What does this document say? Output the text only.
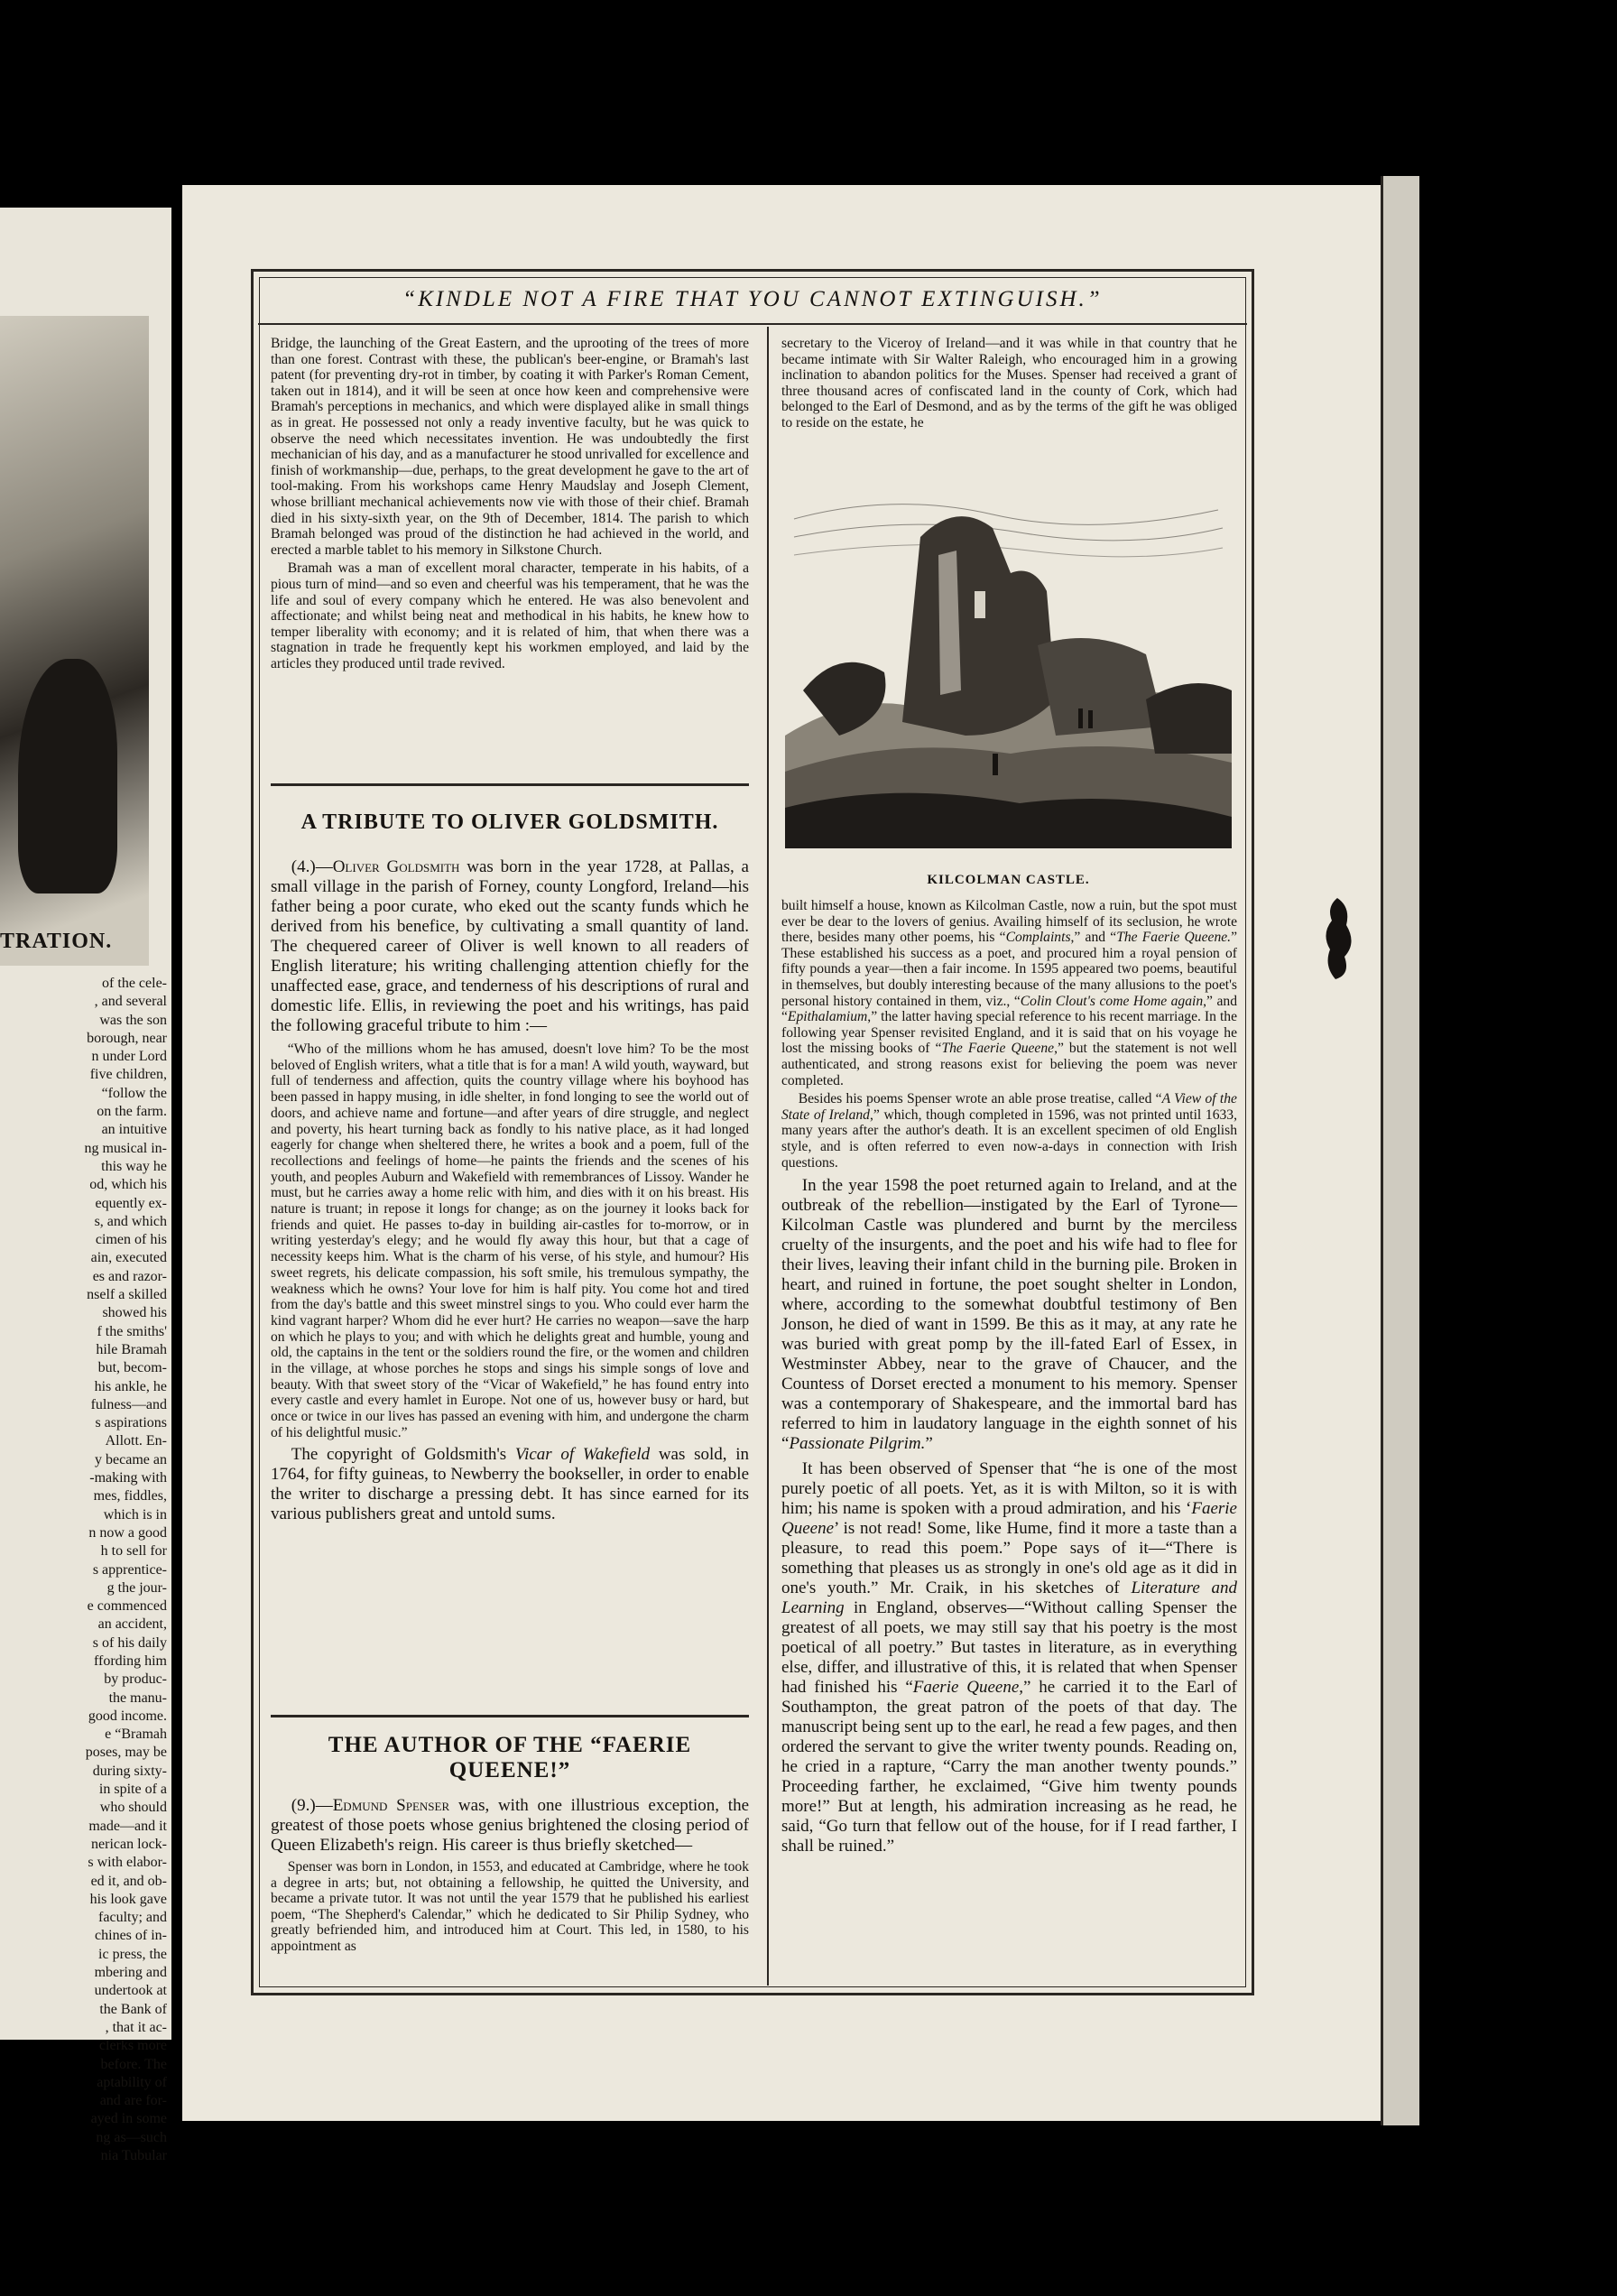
TRATION.
of the cele-
, and several
was the son
borough, near
n under Lord
five children,
“follow the
on the farm.
an intuitive
ng musical in-
this way he
od, which his
equently ex-
s, and which
cimen of his
ain, executed
es and razor-
nself a skilled
showed his
f the smiths'
hile Bramah
but, becom-
his ankle, he
fulness—and
s aspirations
Allott. En-
y became an
-making with
mes, fiddles,
which is in
n now a good
h to sell for
s apprentice-
g the jour-
e commenced
an accident,
s of his daily
ffording him
by produc-
the manu-
good income.
e “Bramah
poses, may be
during sixty-
in spite of a
who should
made—and it
nerican lock-
s with elabor-
ed it, and ob-
his look gave
faculty; and
chines of in-
ic press, the
mbering and
undertook at
the Bank of
, that it ac-
clerks more
before. The
aptability of
and are for-
ayed in some
ng as—such
nia Tubular
“KINDLE NOT A FIRE THAT YOU CANNOT EXTINGUISH.”

Bridge, the launching of the Great Eastern, and the uprooting of the trees of more than one forest. Contrast with these, the publican's beer-engine, or Bramah's last patent (for preventing dry-rot in timber, by coating it with Parker's Roman Cement, taken out in 1814), and it will be seen at once how keen and comprehensive were Bramah's perceptions in mechanics, and which were displayed alike in small things as in great. He possessed not only a ready inventive faculty, but he was quick to observe the need which necessitates invention. He was undoubtedly the first mechanician of his day, and as a manufacturer he stood unrivalled for excellence and finish of workmanship—due, perhaps, to the great development he gave to the art of tool-making. From his workshops came Henry Maudslay and Joseph Clement, whose brilliant mechanical achievements now vie with those of their chief. Bramah died in his sixty-sixth year, on the 9th of December, 1814. The parish to which Bramah belonged was proud of the distinction he had achieved in the world, and erected a marble tablet to his memory in Silkstone Church.

Bramah was a man of excellent moral character, temperate in his habits, of a pious turn of mind—and so even and cheerful was his temperament, that he was the life and soul of every company which he entered. He was also benevolent and affectionate; and whilst being neat and methodical in his habits, he knew how to temper liberality with economy; and it is related of him, that when there was a stagnation in trade he frequently kept his workmen employed, and laid by the articles they produced until trade revived.

A TRIBUTE TO OLIVER GOLDSMITH.

(4.)—Oliver Goldsmith was born in the year 1728, at Pallas, a small village in the parish of Forney, county Longford, Ireland—his father being a poor curate, who eked out the scanty funds which he derived from his benefice, by cultivating a small quantity of land. The chequered career of Oliver is well known to all readers of English literature; his writing challenging attention chiefly for the unaffected ease, grace, and tenderness of his descriptions of rural and domestic life. Ellis, in reviewing the poet and his writings, has paid the following graceful tribute to him :—

“Who of the millions whom he has amused, doesn't love him? To be the most beloved of English writers, what a title that is for a man! A wild youth, wayward, but full of tenderness and affection, quits the country village where his boyhood has been passed in happy musing, in idle shelter, in fond longing to see the world out of doors, and achieve name and fortune—and after years of dire struggle, and neglect and poverty, his heart turning back as fondly to his native place, as it had longed eagerly for change when sheltered there, he writes a book and a poem, full of the recollections and feelings of home—he paints the friends and the scenes of his youth, and peoples Auburn and Wakefield with remembrances of Lissoy. Wander he must, but he carries away a home relic with him, and dies with it on his breast. His nature is truant; in repose it longs for change; as on the journey it looks back for friends and quiet. He passes to-day in building air-castles for to-morrow, or in writing yesterday's elegy; and he would fly away this hour, but that a cage of necessity keeps him. What is the charm of his verse, of his style, and humour? His sweet regrets, his delicate compassion, his soft smile, his tremulous sympathy, the weakness which he owns? Your love for him is half pity. You come hot and tired from the day's battle and this sweet minstrel sings to you. Who could ever harm the kind vagrant harper? Whom did he ever hurt? He carries no weapon—save the harp on which he plays to you; and with which he delights great and humble, young and old, the captains in the tent or the soldiers round the fire, or the women and children in the village, at whose porches he stops and sings his simple songs of love and beauty. With that sweet story of the “Vicar of Wakefield,” he has found entry into every castle and every hamlet in Europe. Not one of us, however busy or hard, but once or twice in our lives has passed an evening with him, and undergone the charm of his delightful music.”

The copyright of Goldsmith's Vicar of Wakefield was sold, in 1764, for fifty guineas, to Newberry the bookseller, in order to enable the writer to discharge a pressing debt. It has since earned for its various publishers great and untold sums.

THE AUTHOR OF THE “FAERIE QUEENE!”

(9.)—Edmund Spenser was, with one illustrious exception, the greatest of those poets whose genius brightened the closing period of Queen Elizabeth's reign. His career is thus briefly sketched—

Spenser was born in London, in 1553, and educated at Cambridge, where he took a degree in arts; but, not obtaining a fellowship, he quitted the University, and became a private tutor. It was not until the year 1579 that he published his earliest poem, “The Shepherd's Calendar,” which he dedicated to Sir Philip Sydney, who greatly befriended him, and introduced him at Court. This led, in 1580, to his appointment as

secretary to the Viceroy of Ireland—and it was while in that country that he became intimate with Sir Walter Raleigh, who encouraged him in a growing inclination to abandon politics for the Muses. Spenser had received a grant of three thousand acres of confiscated land in the county of Cork, which had belonged to the Earl of Desmond, and as by the terms of the gift he was obliged to reside on the estate, he

KILCOLMAN CASTLE.

built himself a house, known as Kilcolman Castle, now a ruin, but the spot must ever be dear to the lovers of genius. Availing himself of its seclusion, he wrote there, besides many other poems, his “Complaints,” and “The Faerie Queene.” These established his success as a poet, and procured him a royal pension of fifty pounds a year—then a fair income. In 1595 appeared two poems, beautiful in themselves, but doubly interesting because of the many allusions to the poet's personal history contained in them, viz., “Colin Clout's come Home again,” and “Epithalamium,” the latter having special reference to his recent marriage. In the following year Spenser revisited England, and it is said that on his voyage he lost the missing books of “The Faerie Queene,” but the statement is not well authenticated, and strong reasons exist for believing the poem was never completed.

Besides his poems Spenser wrote an able prose treatise, called “A View of the State of Ireland,” which, though completed in 1596, was not printed until 1633, many years after the author's death. It is an excellent specimen of old English style, and is often referred to even now-a-days in connection with Irish questions.

In the year 1598 the poet returned again to Ireland, and at the outbreak of the rebellion—instigated by the Earl of Tyrone—Kilcolman Castle was plundered and burnt by the merciless cruelty of the insurgents, and the poet and his wife had to flee for their lives, leaving their infant child in the burning pile. Broken in heart, and ruined in fortune, the poet sought shelter in London, where, according to the somewhat doubtful testimony of Ben Jonson, he died of want in 1599. Be this as it may, at any rate he was buried with great pomp by the ill-fated Earl of Essex, in Westminster Abbey, near to the grave of Chaucer, and the Countess of Dorset erected a monument to his memory. Spenser was a contemporary of Shakespeare, and the immortal bard has referred to him in laudatory language in the eighth sonnet of his “Passionate Pilgrim.”

It has been observed of Spenser that “he is one of the most purely poetic of all poets. Yet, as it is with Milton, so it is with him; his name is spoken with a proud admiration, and his ‘Faerie Queene’ is not read! Some, like Hume, find it more a taste than a pleasure, to read this poem.” Pope says of it—“There is something that pleases us as strongly in one's old age as it did in one's youth.” Mr. Craik, in his sketches of Literature and Learning in England, observes—“Without calling Spenser the greatest of all poets, we may still say that his poetry is the most poetical of all poetry.” But tastes in literature, as in everything else, differ, and illustrative of this, it is related that when Spenser had finished his “Faerie Queene,” he carried it to the Earl of Southampton, the great patron of the poets of that day. The manuscript being sent up to the earl, he read a few pages, and then ordered the servant to give the writer twenty pounds. Reading on, he cried in a rapture, “Carry the man another twenty pounds.” Proceeding farther, he exclaimed, “Give him twenty pounds more!” But at length, his admiration increasing as he read, he said, “Go turn that fellow out of the house, for if I read farther, I shall be ruined.”
